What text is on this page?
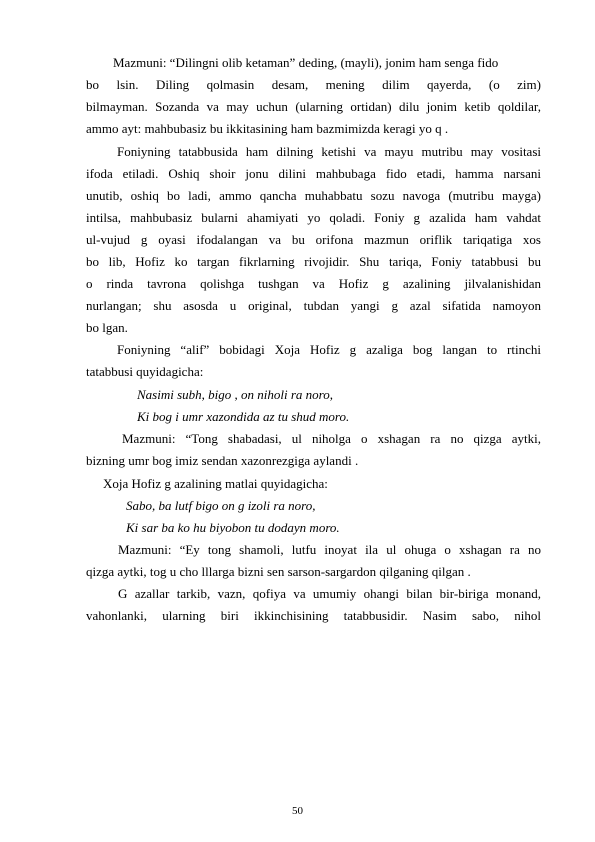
Mazmuni: “Dilingni olib ketaman” deding, (mayli), jonim ham senga fido
bo lsin. Diling qolmasin desam, mening dilim qayerda, (o zim)
bilmayman. Sozanda va may uchun (ularning ortidan) dilu jonim ketib qoldilar,
ammo ayt: mahbubasiz bu ikkitasining ham bazmimizda keragi yo q .
Foniyning tatabbusida ham dilning ketishi va mayu mutribu may vositasi
ifoda etiladi. Oshiq shoir jonu dilini mahbubaga fido etadi, hamma narsani
unutib, oshiq bo ladi, ammo qancha muhabbatu sozu navoga (mutribu mayga)
intilsa, mahbubasiz bularni ahamiyati yo qoladi. Foniy g azalida ham vahdat
ul-vujud g oyasi ifodalangan va bu orifona mazmun oriflik tariqatiga xos
bo lib, Hofiz ko targan fikrlarning rivojidir. Shu tariqa, Foniy tatabbusi bu
o rinda tavrona qolishga tushgan va Hofiz g azalining jilvalanishidan
nurlangan; shu asosda u original, tubdan yangi g azal sifatida namoyon
bo lgan.
Foniyning “alif” bobidagi Xoja Hofiz g azaliga bog langan to rtinchi
tatabbusi quyidagicha:
Nasimi subh, bigo , on niholi ra noro,
Ki bog i umr xazondida az tu shud moro.
Mazmuni: “Tong shabadasi, ul niholga o xshagan ra no qizga aytki,
bizning umr bog imiz sendan xazonrezgiga aylandi .
Xoja Hofiz g azalining matlai quyidagicha:
Sabo, ba lutf bigo on g izoli ra noro,
Ki sar ba ko hu biyobon tu dodayn moro.
Mazmuni: “Ey tong shamoli, lutfu inoyat ila ul ohuga o xshagan ra no
qizga aytki, tog u cho lllarga bizni sen sarson-sargardon qilganing qilgan .
G azallar tarkib, vazn, qofiya va umumiy ohangi bilan bir-biriga monand,
vahonlanki, ularning biri ikkinchisining tatabbusidir. Nasim sabo, nihol
50
